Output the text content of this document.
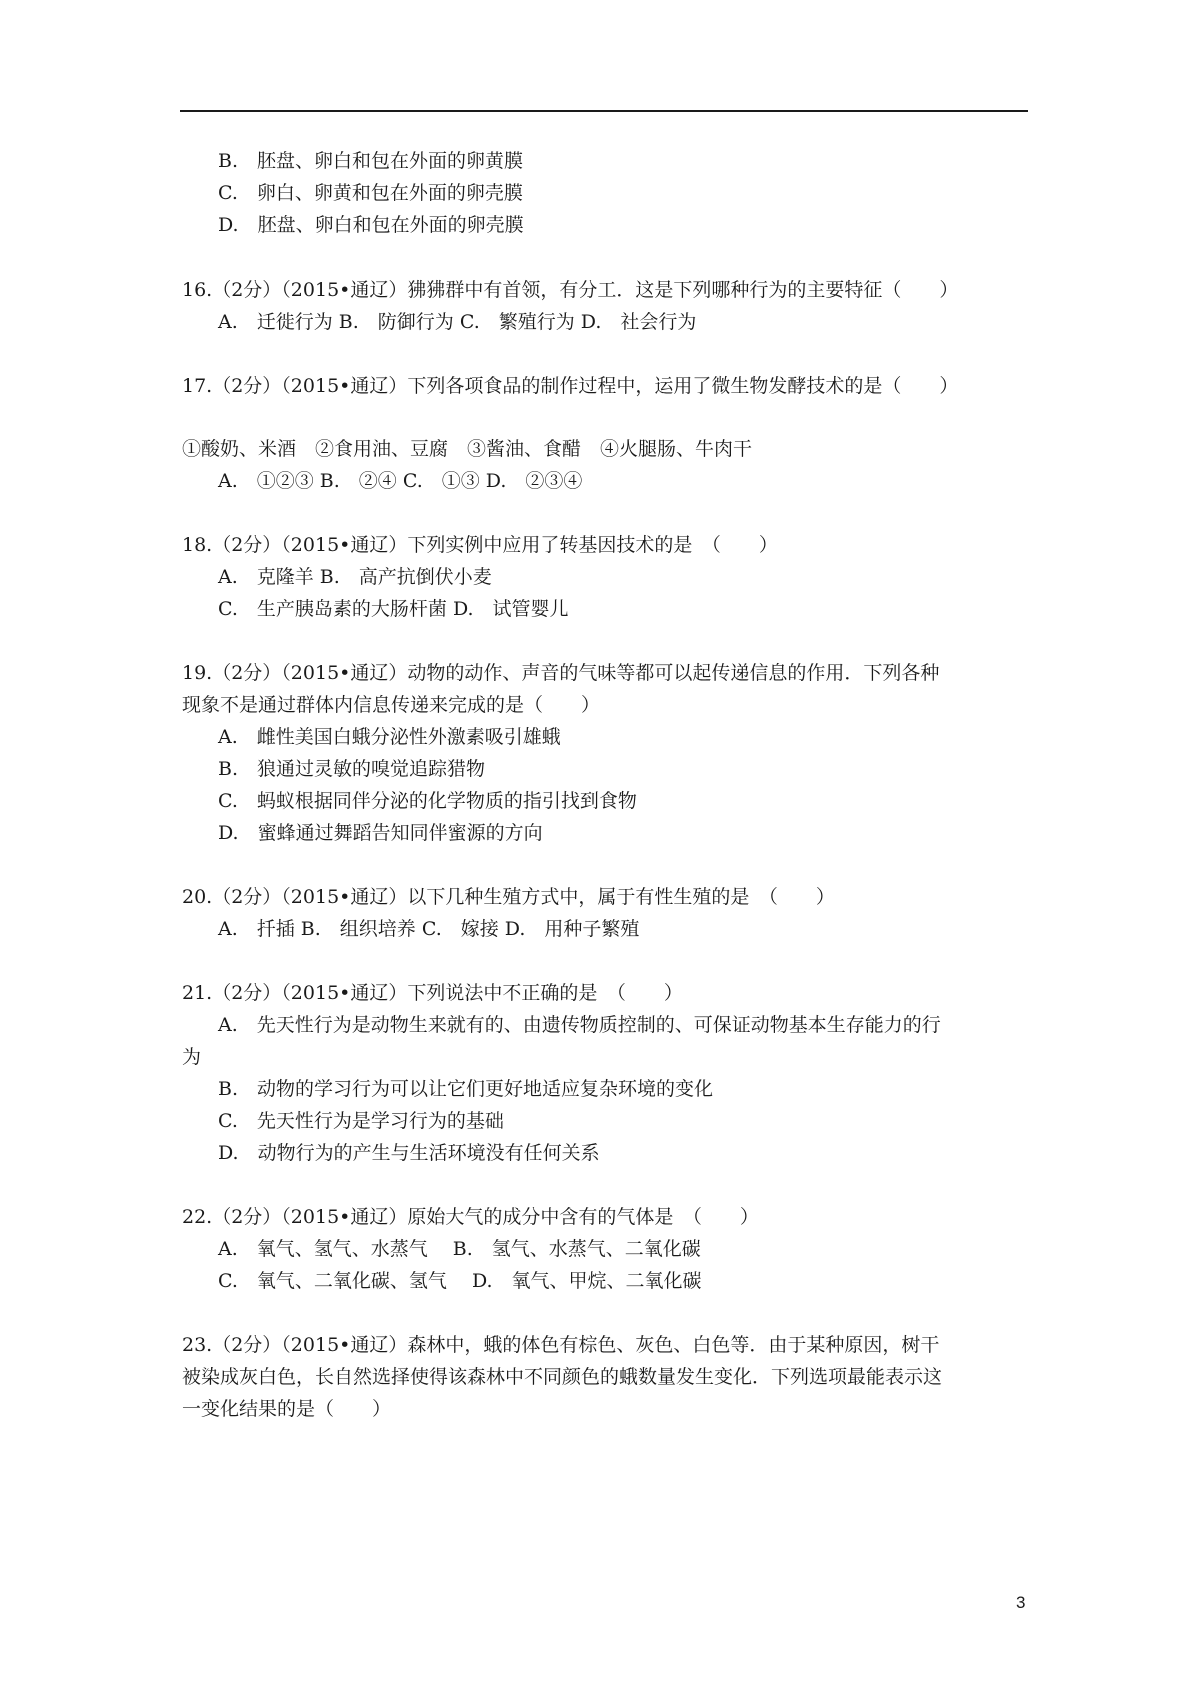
B.　胚盘、卵白和包在外面的卵黄膜
C.　卵白、卵黄和包在外面的卵壳膜
D.　胚盘、卵白和包在外面的卵壳膜
16.（2分）（2015•通辽）狒狒群中有首领，有分工．这是下列哪种行为的主要特征（　　）
A.　迁徙行为 B.　防御行为 C.　繁殖行为 D.　社会行为
17.（2分）（2015•通辽）下列各项食品的制作过程中，运用了微生物发酵技术的是（　　）
①酸奶、米酒　②食用油、豆腐　③酱油、食醋　④火腿肠、牛肉干
A.　①②③ B.　②④ C.　①③ D.　②③④
18.（2分）（2015•通辽）下列实例中应用了转基因技术的是　（　　）
A.　克隆羊 B.　高产抗倒伏小麦
C.　生产胰岛素的大肠杆菌 D.　试管婴儿
19.（2分）（2015•通辽）动物的动作、声音的气味等都可以起传递信息的作用．下列各种
现象不是通过群体内信息传递来完成的是（　　）
A.　雌性美国白蛾分泌性外激素吸引雄蛾
B.　狼通过灵敏的嗅觉追踪猎物
C.　蚂蚁根据同伴分泌的化学物质的指引找到食物
D.　蜜蜂通过舞蹈告知同伴蜜源的方向
20.（2分）（2015•通辽）以下几种生殖方式中，属于有性生殖的是　（　　）
A.　扦插 B.　组织培养 C.　嫁接 D.　用种子繁殖
21.（2分）（2015•通辽）下列说法中不正确的是　（　　）
A.　先天性行为是动物生来就有的、由遗传物质控制的、可保证动物基本生存能力的行
为
B.　动物的学习行为可以让它们更好地适应复杂环境的变化
C.　先天性行为是学习行为的基础
D.　动物行为的产生与生活环境没有任何关系
22.（2分）（2015•通辽）原始大气的成分中含有的气体是　（　　）
A.　氧气、氢气、水蒸气　 B.　氢气、水蒸气、二氧化碳
C.　氧气、二氧化碳、氢气　 D.　氧气、甲烷、二氧化碳
23.（2分）（2015•通辽）森林中，蛾的体色有棕色、灰色、白色等．由于某种原因，树干
被染成灰白色，长自然选择使得该森林中不同颜色的蛾数量发生变化．下列选项最能表示这
一变化结果的是（　　）
3
